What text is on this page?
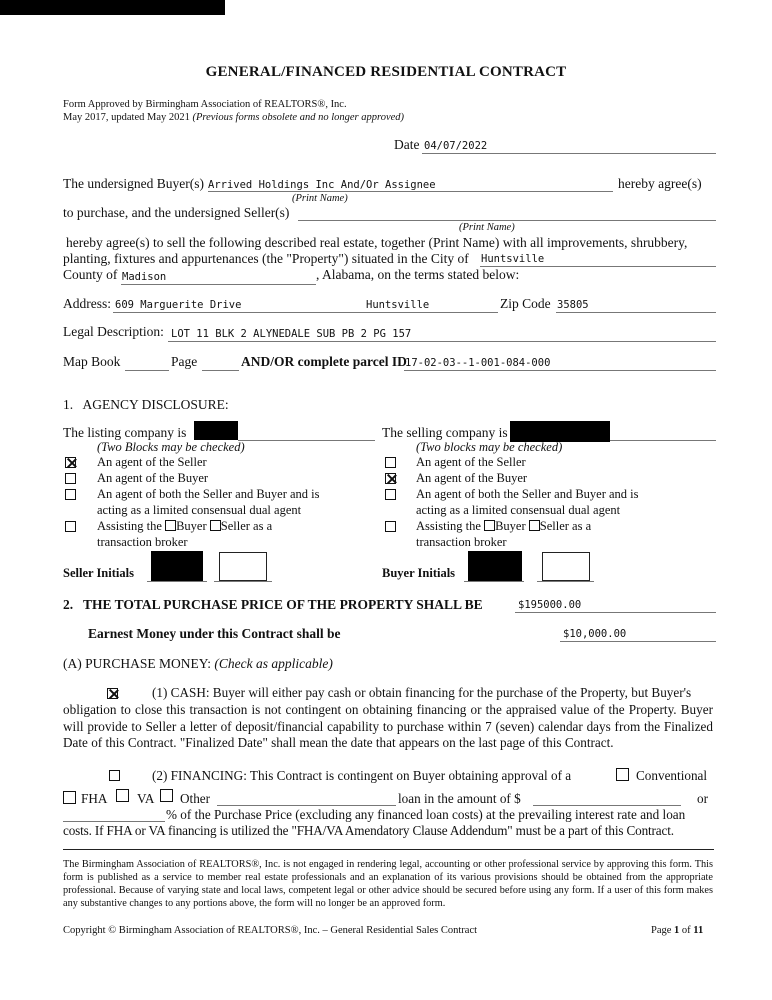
GENERAL/FINANCED RESIDENTIAL CONTRACT
Form Approved by Birmingham Association of REALTORS®, Inc.
May 2017, updated May 2021 (Previous forms obsolete and no longer approved)
Date 04/07/2022
The undersigned Buyer(s) Arrived Holdings Inc And/Or Assignee	hereby agree(s)
(Print Name)
to purchase, and the undersigned Seller(s)
(Print Name)
hereby agree(s) to sell the following described real estate, together (Print Name) with all improvements, shrubbery,
planting, fixtures and appurtenances (the "Property") situated in the City of Huntsville
County of Madison	, Alabama, on the terms stated below:
Address: 609 Marguerite Drive	Huntsville	Zip Code 35805
Legal Description: LOT 11 BLK 2 ALYNEDALE SUB PB 2 PG 157
Map Book	Page	AND/OR complete parcel ID
17-02-03--1-001-084-000
1.   AGENCY DISCLOSURE:
The listing company is
(Two Blocks may be checked)
An agent of the Seller
An agent of the Buyer
An agent of both the Seller and Buyer and is
acting as a limited consensual dual agent
Assisting the Buyer Seller as a
transaction broker
The selling company is
(Two blocks may be checked)
An agent of the Seller
An agent of the Buyer
An agent of both the Seller and Buyer and is
acting as a limited consensual dual agent
Assisting the Buyer Seller as a
transaction broker
Seller Initials	Buyer Initials
2.   THE TOTAL PURCHASE PRICE OF THE PROPERTY SHALL BE	$195000.00
Earnest Money under this Contract shall be	$10,000.00
(A) PURCHASE MONEY: (Check as applicable)
(1) CASH: Buyer will either pay cash or obtain financing for the purchase of the Property, but Buyer's
obligation to close this transaction is not contingent on obtaining financing or the appraised value of the Property. Buyer will provide to Seller a letter of deposit/financial capability to purchase within 7 (seven) calendar days from the Finalized Date of this Contract. "Finalized Date" shall mean the date that appears on the last page of this Contract.
(2) FINANCING: This Contract is contingent on Buyer obtaining approval of a	Conventional
FHA VA Other	loan in the amount of $	or
% of the Purchase Price (excluding any financed loan costs) at the prevailing interest rate and loan
costs. If FHA or VA financing is utilized the "FHA/VA Amendatory Clause Addendum" must be a part of this Contract.
The Birmingham Association of REALTORS®, Inc. is not engaged in rendering legal, accounting or other professional service by approving this form. This form is published as a service to member real estate professionals and an explanation of its various provisions should be obtained from the appropriate professional. Because of varying state and local laws, competent legal or other advice should be secured before using any form. If a user of this form makes any substantive changes to any portions above, the form will no longer be an approved form.
Copyright © Birmingham Association of REALTORS®, Inc. – General Residential Sales Contract	Page 1 of 11
